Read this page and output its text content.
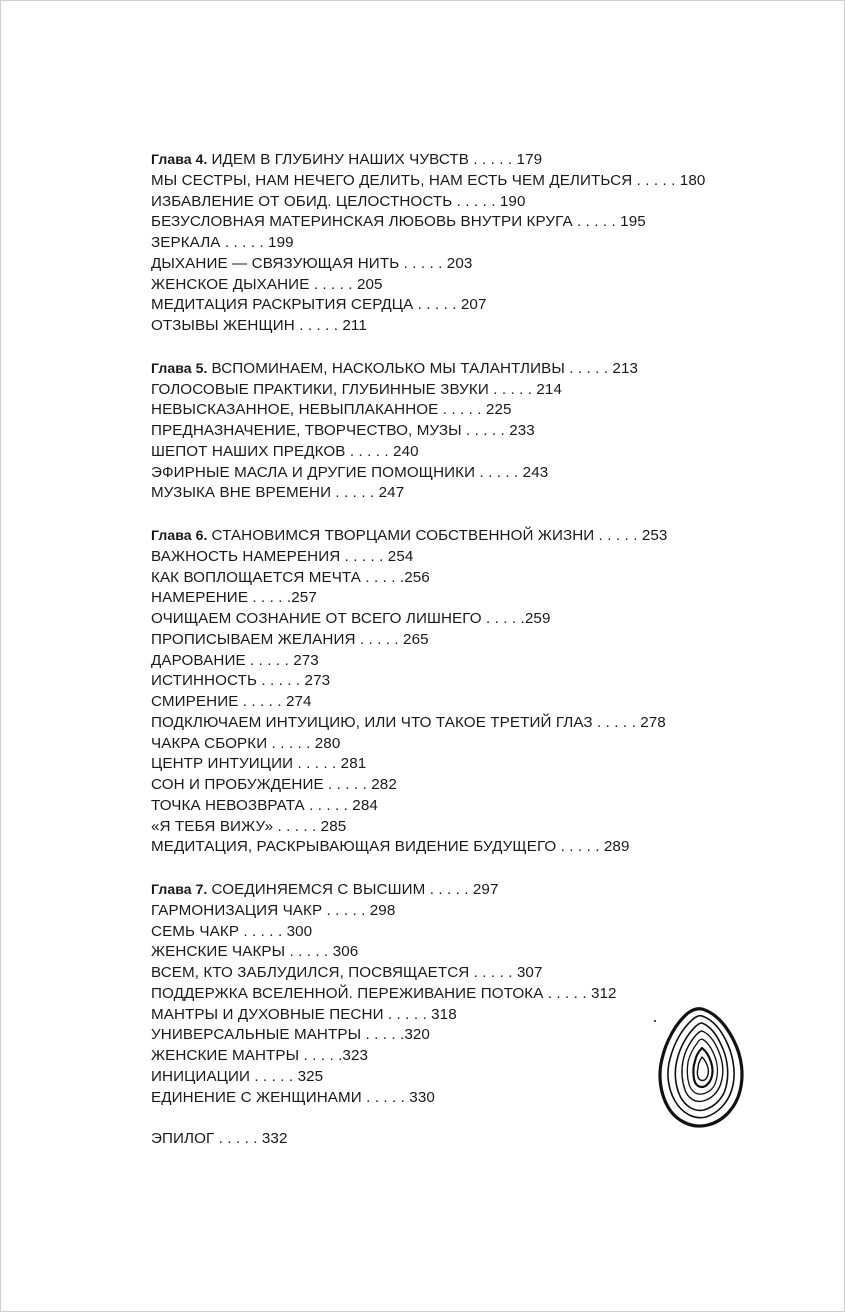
Глава 4. ИДЕМ В ГЛУБИНУ НАШИХ ЧУВСТВ . . . . . 179
МЫ СЕСТРЫ, НАМ НЕЧЕГО ДЕЛИТЬ, НАМ ЕСТЬ ЧЕМ ДЕЛИТЬСЯ . . . . . 180
ИЗБАВЛЕНИЕ ОТ ОБИД. ЦЕЛОСТНОСТЬ . . . . . 190
БЕЗУСЛОВНАЯ МАТЕРИНСКАЯ ЛЮБОВЬ ВНУТРИ КРУГА . . . . . 195
ЗЕРКАЛА . . . . . 199
ДЫХАНИЕ — СВЯЗУЮЩАЯ НИТЬ . . . . . 203
ЖЕНСКОЕ ДЫХАНИЕ . . . . . 205
МЕДИТАЦИЯ РАСКРЫТИЯ СЕРДЦА . . . . . 207
ОТЗЫВЫ ЖЕНЩИН . . . . . 211
Глава 5. ВСПОМИНАЕМ, НАСКОЛЬКО МЫ ТАЛАНТЛИВЫ . . . . . 213
ГОЛОСОВЫЕ ПРАКТИКИ, ГЛУБИННЫЕ ЗВУКИ . . . . . 214
НЕВЫСКАЗАННОЕ, НЕВЫПЛАКАННОЕ . . . . . 225
ПРЕДНАЗНАЧЕНИЕ, ТВОРЧЕСТВО, МУЗЫ . . . . . 233
ШЕПОТ НАШИХ ПРЕДКОВ . . . . . 240
ЭФИРНЫЕ МАСЛА И ДРУГИЕ ПОМОЩНИКИ . . . . . 243
МУЗЫКА ВНЕ ВРЕМЕНИ . . . . . 247
Глава 6. СТАНОВИМСЯ ТВОРЦАМИ СОБСТВЕННОЙ ЖИЗНИ . . . . . 253
ВАЖНОСТЬ НАМЕРЕНИЯ . . . . . 254
КАК ВОПЛОЩАЕТСЯ МЕЧТА . . . . .256
НАМЕРЕНИЕ . . . . .257
ОЧИЩАЕМ СОЗНАНИЕ ОТ ВСЕГО ЛИШНЕГО . . . . .259
ПРОПИСЫВАЕМ ЖЕЛАНИЯ . . . . . 265
ДАРОВАНИЕ . . . . . 273
ИСТИННОСТЬ . . . . . 273
СМИРЕНИЕ . . . . . 274
ПОДКЛЮЧАЕМ ИНТУИЦИЮ, ИЛИ ЧТО ТАКОЕ ТРЕТИЙ ГЛАЗ . . . . . 278
ЧАКРА СБОРКИ . . . . . 280
ЦЕНТР ИНТУИЦИИ . . . . . 281
СОН И ПРОБУЖДЕНИЕ . . . . . 282
ТОЧКА НЕВОЗВРАТА . . . . . 284
«Я ТЕБЯ ВИЖУ» . . . . . 285
МЕДИТАЦИЯ, РАСКРЫВАЮЩАЯ ВИДЕНИЕ БУДУЩЕГО . . . . . 289
Глава 7. СОЕДИНЯЕМСЯ С ВЫСШИМ . . . . . 297
ГАРМОНИЗАЦИЯ ЧАКР . . . . . 298
СЕМЬ ЧАКР . . . . . 300
ЖЕНСКИЕ ЧАКРЫ . . . . . 306
ВСЕМ, КТО ЗАБЛУДИЛСЯ, ПОСВЯЩАЕТСЯ . . . . . 307
ПОДДЕРЖКА ВСЕЛЕННОЙ. ПЕРЕЖИВАНИЕ ПОТОКА . . . . . 312
МАНТРЫ И ДУХОВНЫЕ ПЕСНИ . . . . . 318
УНИВЕРСАЛЬНЫЕ МАНТРЫ . . . . .320
ЖЕНСКИЕ МАНТРЫ . . . . .323
ИНИЦИАЦИИ . . . . . 325
ЕДИНЕНИЕ С ЖЕНЩИНАМИ . . . . . 330
ЭПИЛОГ . . . . . 332
